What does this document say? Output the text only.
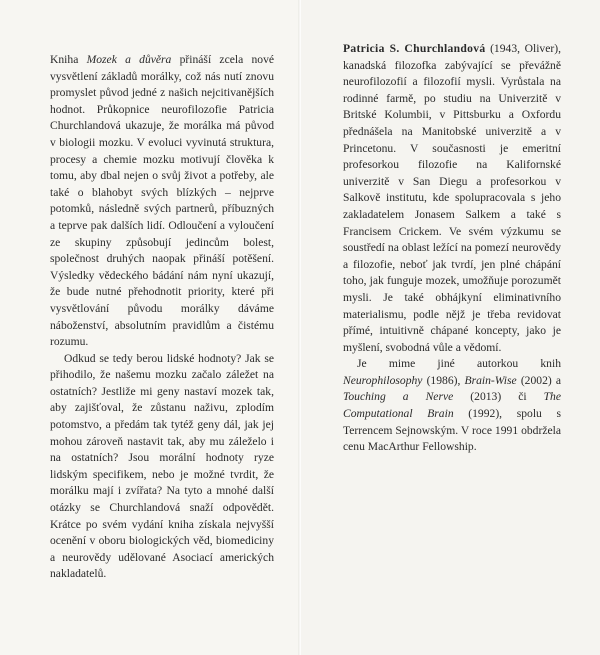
Kniha Mozek a důvěra přináší zcela nové vysvětlení základů morálky, což nás nutí znovu promyslet původ jedné z našich nejcitivanějších hodnot. Průkopnice neurofilozofie Patricia Churchlandová ukazuje, že morálka má původ v biologii mozku. V evoluci vyvinutá struktura, procesy a chemie mozku motivují člověka k tomu, aby dbal nejen o svůj život a potřeby, ale také o blahobyt svých blízkých – nejprve potomků, následně svých partnerů, příbuzných a teprve pak dalších lidí. Odloučení a vyloučení ze skupiny způsobují jedincům bolest, společnost druhých naopak přináší potěšení. Výsledky vědeckého bádání nám nyní ukazují, že bude nutné přehodnotit priority, které při vysvětlování původu morálky dáváme náboženství, absolutním pravidlům a čistému rozumu.

Odkud se tedy berou lidské hodnoty? Jak se přihodilo, že našemu mozku začalo záležet na ostatních? Jestliže mi geny nastaví mozek tak, aby zajišťoval, že zůstanu naživu, zplodím potomstvo, a předám tak tytéž geny dál, jak jej mohou zároveň nastavit tak, aby mu záleželo i na ostatních? Jsou morální hodnoty ryze lidským specifikem, nebo je možné tvrdit, že morálku mají i zvířata? Na tyto a mnohé další otázky se Churchlandová snaží odpovědět. Krátce po svém vydání kniha získala nejvyšší ocenění v oboru biologických věd, biomediciny a neurovědy udělované Asociací amerických nakladatelů.

Patricia S. Churchlandová (1943, Oliver), kanadská filozofka zabývající se převážně neurofilozofií a filozofií mysli. Vyrůstala na rodinné farmě, po studiu na Univerzitě v Britské Kolumbii, v Pittsburku a Oxfordu přednášela na Manitobské univerzitě a v Princetonu. V současnosti je emeritní profesorkou filozofie na Kalifornské univerzitě v San Diegu a profesorkou v Salkově institutu, kde spolupracovala s jeho zakladatelem Jonasem Salkem a také s Francisem Crickem. Ve svém výzkumu se soustředí na oblast ležící na pomezí neurovědy a filozofie, neboť jak tvrdí, jen plné chápání toho, jak funguje mozek, umožňuje porozumět mysli. Je také obhájkyní eliminativního materialismu, podle nějž je třeba revidovat přímé, intuitivně chápané koncepty, jako je myšlení, svobodná vůle a vědomí.

Je mime jiné autorkou knih Neurophilosophy (1986), Brain-Wise (2002) a Touching a Nerve (2013) či The Computational Brain (1992), spolu s Terrencem Sejnowským. V roce 1991 obdržela cenu MacArthur Fellowship.
